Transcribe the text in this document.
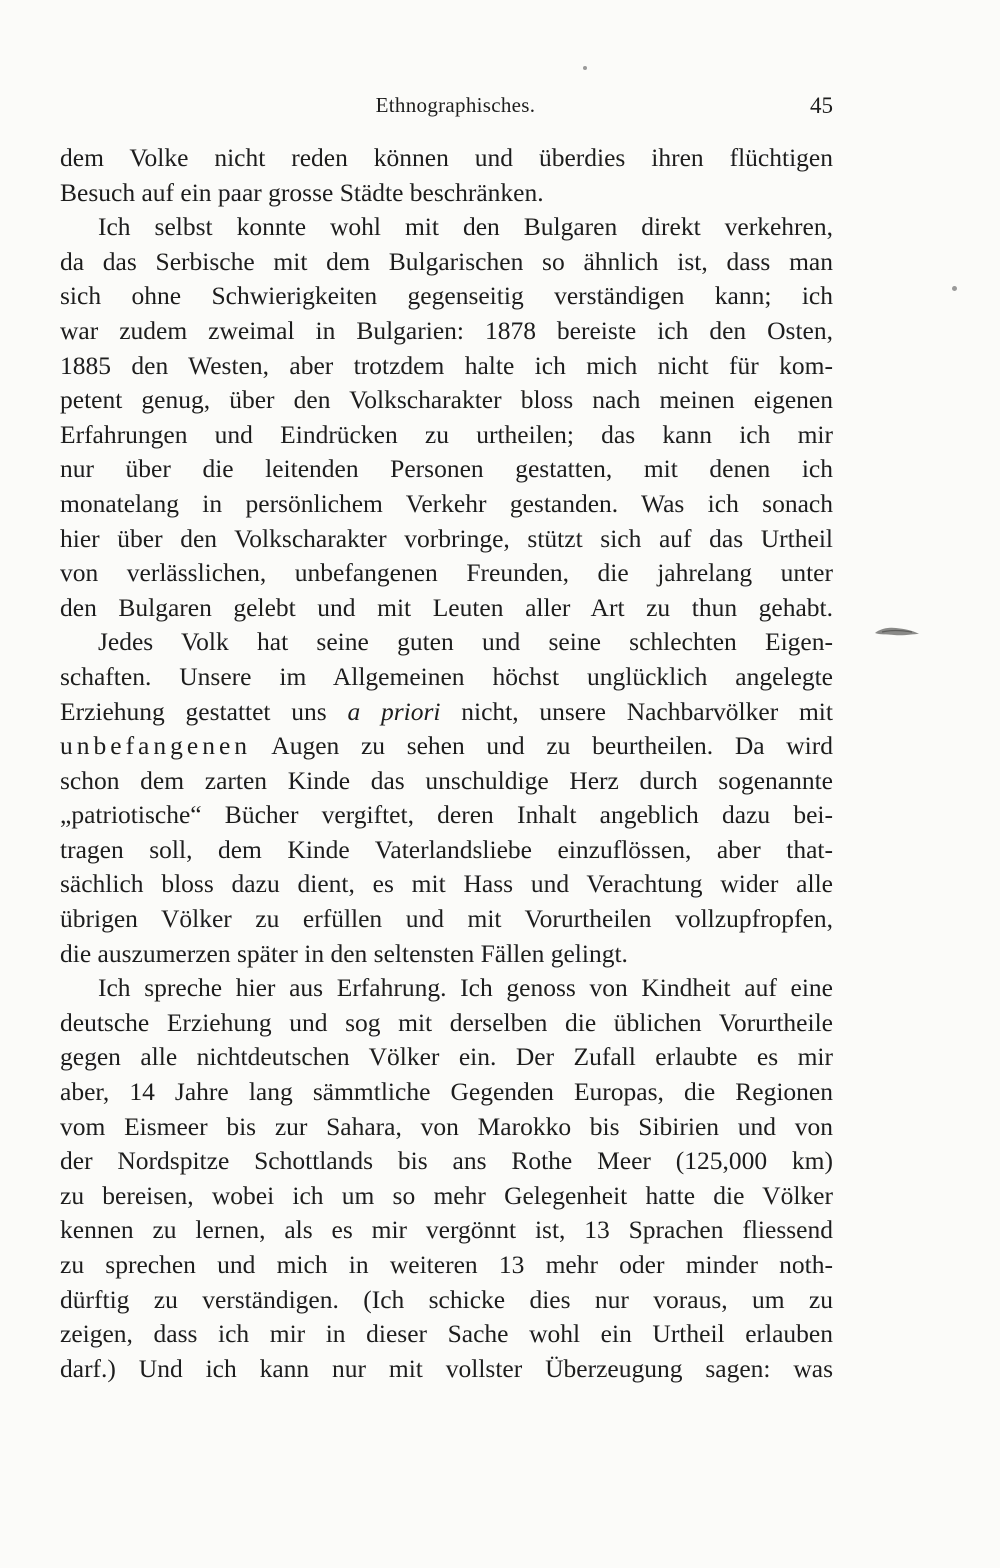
Ethnographisches.	45
dem Volke nicht reden können und überdies ihren flüchtigen
Besuch auf ein paar grosse Städte beschränken.
Ich selbst konnte wohl mit den Bulgaren direkt verkehren,
da das Serbische mit dem Bulgarischen so ähnlich ist, dass man
sich ohne Schwierigkeiten gegenseitig verständigen kann; ich
war zudem zweimal in Bulgarien: 1878 bereiste ich den Osten,
1885 den Westen, aber trotzdem halte ich mich nicht für kom-
petent genug, über den Volkscharakter bloss nach meinen eigenen
Erfahrungen und Eindrücken zu urtheilen; das kann ich mir
nur über die leitenden Personen gestatten, mit denen ich
monatelang in persönlichem Verkehr gestanden. Was ich sonach
hier über den Volkscharakter vorbringe, stützt sich auf das Urtheil
von verlässlichen, unbefangenen Freunden, die jahrelang unter
den Bulgaren gelebt und mit Leuten aller Art zu thun gehabt.
Jedes Volk hat seine guten und seine schlechten Eigen-
schaften. Unsere im Allgemeinen höchst unglücklich angelegte
Erziehung gestattet uns a priori nicht, unsere Nachbarvölker mit
unbefangenen Augen zu sehen und zu beurtheilen. Da wird
schon dem zarten Kinde das unschuldige Herz durch sogenannte
„patriotische“ Bücher vergiftet, deren Inhalt angeblich dazu bei-
tragen soll, dem Kinde Vaterlandsliebe einzuflössen, aber that-
sächlich bloss dazu dient, es mit Hass und Verachtung wider alle
übrigen Völker zu erfüllen und mit Vorurtheilen vollzupfropfen,
die auszumerzen später in den seltensten Fällen gelingt.
Ich spreche hier aus Erfahrung. Ich genoss von Kindheit auf eine
deutsche Erziehung und sog mit derselben die üblichen Vorurtheile
gegen alle nichtdeutschen Völker ein. Der Zufall erlaubte es mir
aber, 14 Jahre lang sämmtliche Gegenden Europas, die Regionen
vom Eismeer bis zur Sahara, von Marokko bis Sibirien und von
der Nordspitze Schottlands bis ans Rothe Meer (125,000 km)
zu bereisen, wobei ich um so mehr Gelegenheit hatte die Völker
kennen zu lernen, als es mir vergönnt ist, 13 Sprachen fliessend
zu sprechen und mich in weiteren 13 mehr oder minder noth-
dürftig zu verständigen. (Ich schicke dies nur voraus, um zu
zeigen, dass ich mir in dieser Sache wohl ein Urtheil erlauben
darf.) Und ich kann nur mit vollster Überzeugung sagen: was
